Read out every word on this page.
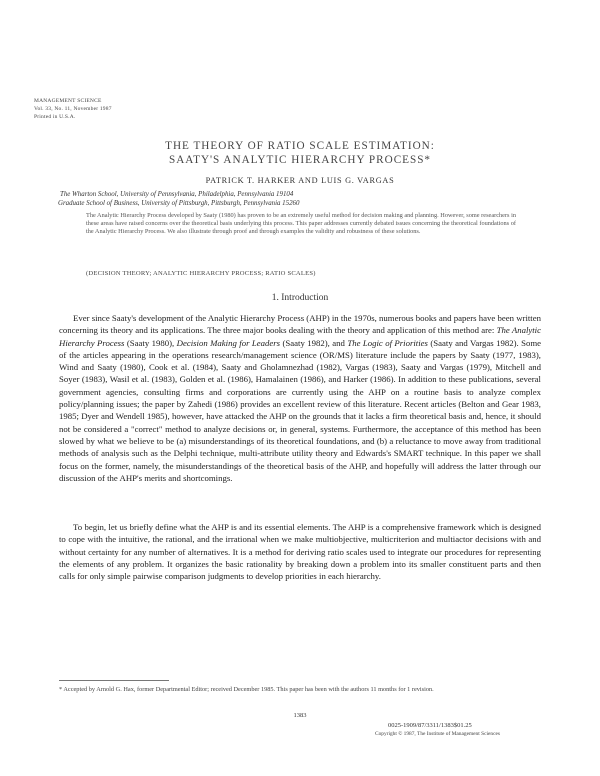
MANAGEMENT SCIENCE
Vol. 33, No. 11, November 1987
Printed in U.S.A.
THE THEORY OF RATIO SCALE ESTIMATION:
SAATY'S ANALYTIC HIERARCHY PROCESS*
PATRICK T. HARKER AND LUIS G. VARGAS
The Wharton School, University of Pennsylvania, Philadelphia, Pennsylvania 19104
Graduate School of Business, University of Pittsburgh, Pittsburgh, Pennsylvania 15260
The Analytic Hierarchy Process developed by Saaty (1980) has proven to be an extremely useful method for decision making and planning. However, some researchers in these areas have raised concerns over the theoretical basis underlying this process. This paper addresses currently debated issues concerning the theoretical foundations of the Analytic Hierarchy Process. We also illustrate through proof and through examples the validity and robustness of these solutions.
(DECISION THEORY; ANALYTIC HIERARCHY PROCESS; RATIO SCALES)
1. Introduction
Ever since Saaty's development of the Analytic Hierarchy Process (AHP) in the 1970s, numerous books and papers have been written concerning its theory and its applications. The three major books dealing with the theory and application of this method are: The Analytic Hierarchy Process (Saaty 1980), Decision Making for Leaders (Saaty 1982), and The Logic of Priorities (Saaty and Vargas 1982). Some of the articles appearing in the operations research/management science (OR/MS) literature include the papers by Saaty (1977, 1983), Wind and Saaty (1980), Cook et al. (1984), Saaty and Gholamnezhad (1982), Vargas (1983), Saaty and Vargas (1979), Mitchell and Soyer (1983), Wasil et al. (1983), Golden et al. (1986), Hamalainen (1986), and Harker (1986). In addition to these publications, several government agencies, consulting firms and corporations are currently using the AHP on a routine basis to analyze complex policy/planning issues; the paper by Zahedi (1986) provides an excellent review of this literature. Recent articles (Belton and Gear 1983, 1985; Dyer and Wendell 1985), however, have attacked the AHP on the grounds that it lacks a firm theoretical basis and, hence, it should not be considered a "correct" method to analyze decisions or, in general, systems. Furthermore, the acceptance of this method has been slowed by what we believe to be (a) misunderstandings of its theoretical foundations, and (b) a reluctance to move away from traditional methods of analysis such as the Delphi technique, multi-attribute utility theory and Edwards's SMART technique. In this paper we shall focus on the former, namely, the misunderstandings of the theoretical basis of the AHP, and hopefully will address the latter through our discussion of the AHP's merits and shortcomings.
To begin, let us briefly define what the AHP is and its essential elements. The AHP is a comprehensive framework which is designed to cope with the intuitive, the rational, and the irrational when we make multiobjective, multicriterion and multiactor decisions with and without certainty for any number of alternatives. It is a method for deriving ratio scales used to integrate our procedures for representing the elements of any problem. It organizes the basic rationality by breaking down a problem into its smaller constituent parts and then calls for only simple pairwise comparison judgments to develop priorities in each hierarchy.
* Accepted by Arnold G. Hax, former Departmental Editor; received December 1985. This paper has been with the authors 11 months for 1 revision.
1383
0025-1909/87/3311/1383$01.25
Copyright © 1987, The Institute of Management Sciences
